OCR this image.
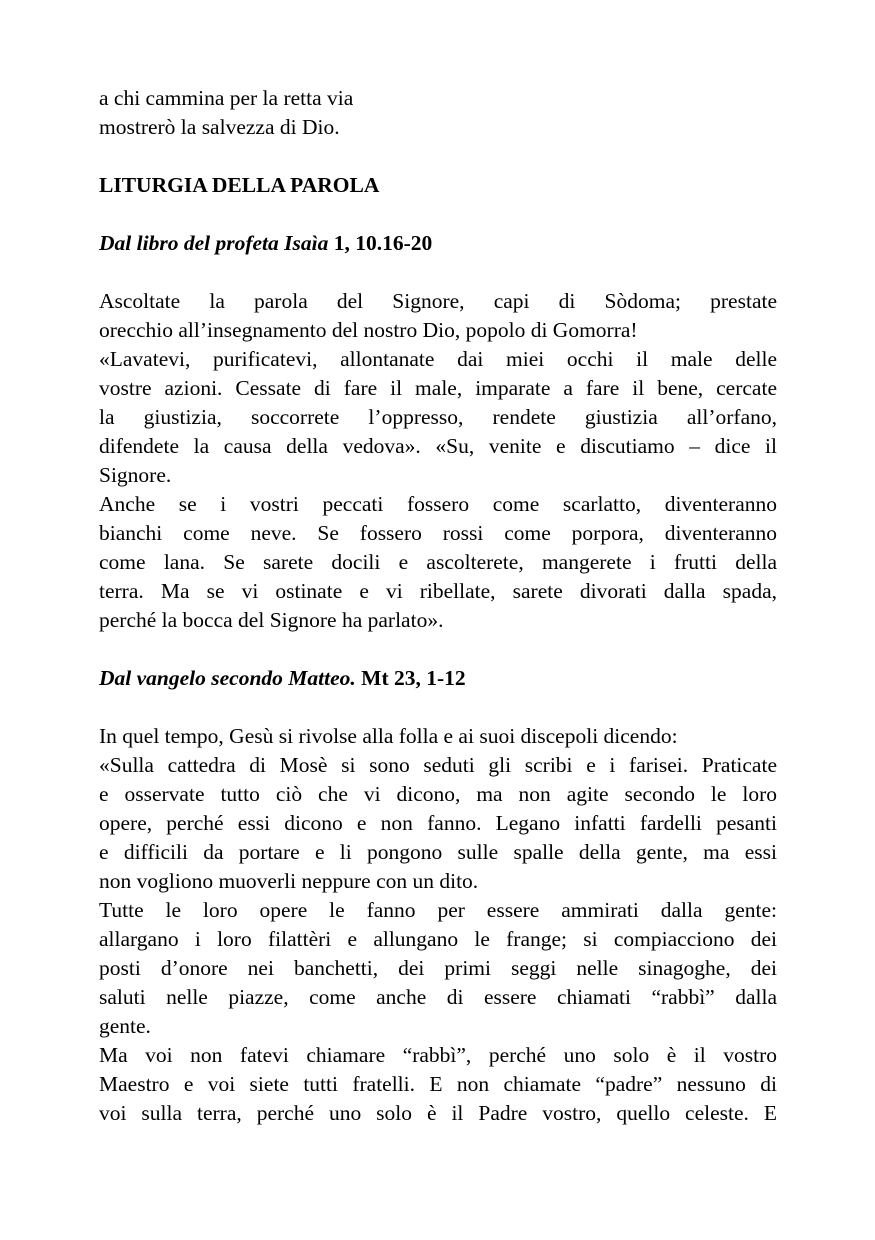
a chi cammina per la retta via
mostrerò la salvezza di Dio.
LITURGIA DELLA PAROLA
Dal libro del profeta Isaìa 1, 10.16-20
Ascoltate la parola del Signore, capi di Sòdoma; prestate
orecchio all’insegnamento del nostro Dio, popolo di Gomorra!
«Lavatevi, purificatevi, allontanate dai miei occhi il male delle
vostre azioni. Cessate di fare il male, imparate a fare il bene, cercate
la giustizia, soccorrete l’oppresso, rendete giustizia all’orfano,
difendete la causa della vedova». «Su, venite e discutiamo – dice il
Signore.
Anche se i vostri peccati fossero come scarlatto, diventeranno
bianchi come neve. Se fossero rossi come porpora, diventeranno
come lana. Se sarete docili e ascolterete, mangerete i frutti della
terra. Ma se vi ostinate e vi ribellate, sarete divorati dalla spada,
perché la bocca del Signore ha parlato».
Dal vangelo secondo Matteo. Mt 23, 1-12
In quel tempo, Gesù si rivolse alla folla e ai suoi discepoli dicendo:
«Sulla cattedra di Mosè si sono seduti gli scribi e i farisei. Praticate
e osservate tutto ciò che vi dicono, ma non agite secondo le loro
opere, perché essi dicono e non fanno. Legano infatti fardelli pesanti
e difficili da portare e li pongono sulle spalle della gente, ma essi
non vogliono muoverli neppure con un dito.
Tutte le loro opere le fanno per essere ammirati dalla gente:
allargano i loro filattèri e allungano le frange; si compiacciono dei
posti d’onore nei banchetti, dei primi seggi nelle sinagoghe, dei
saluti nelle piazze, come anche di essere chiamati “rabbì” dalla
gente.
Ma voi non fatevi chiamare “rabbì”, perché uno solo è il vostro
Maestro e voi siete tutti fratelli. E non chiamate “padre” nessuno di
voi sulla terra, perché uno solo è il Padre vostro, quello celeste. E
